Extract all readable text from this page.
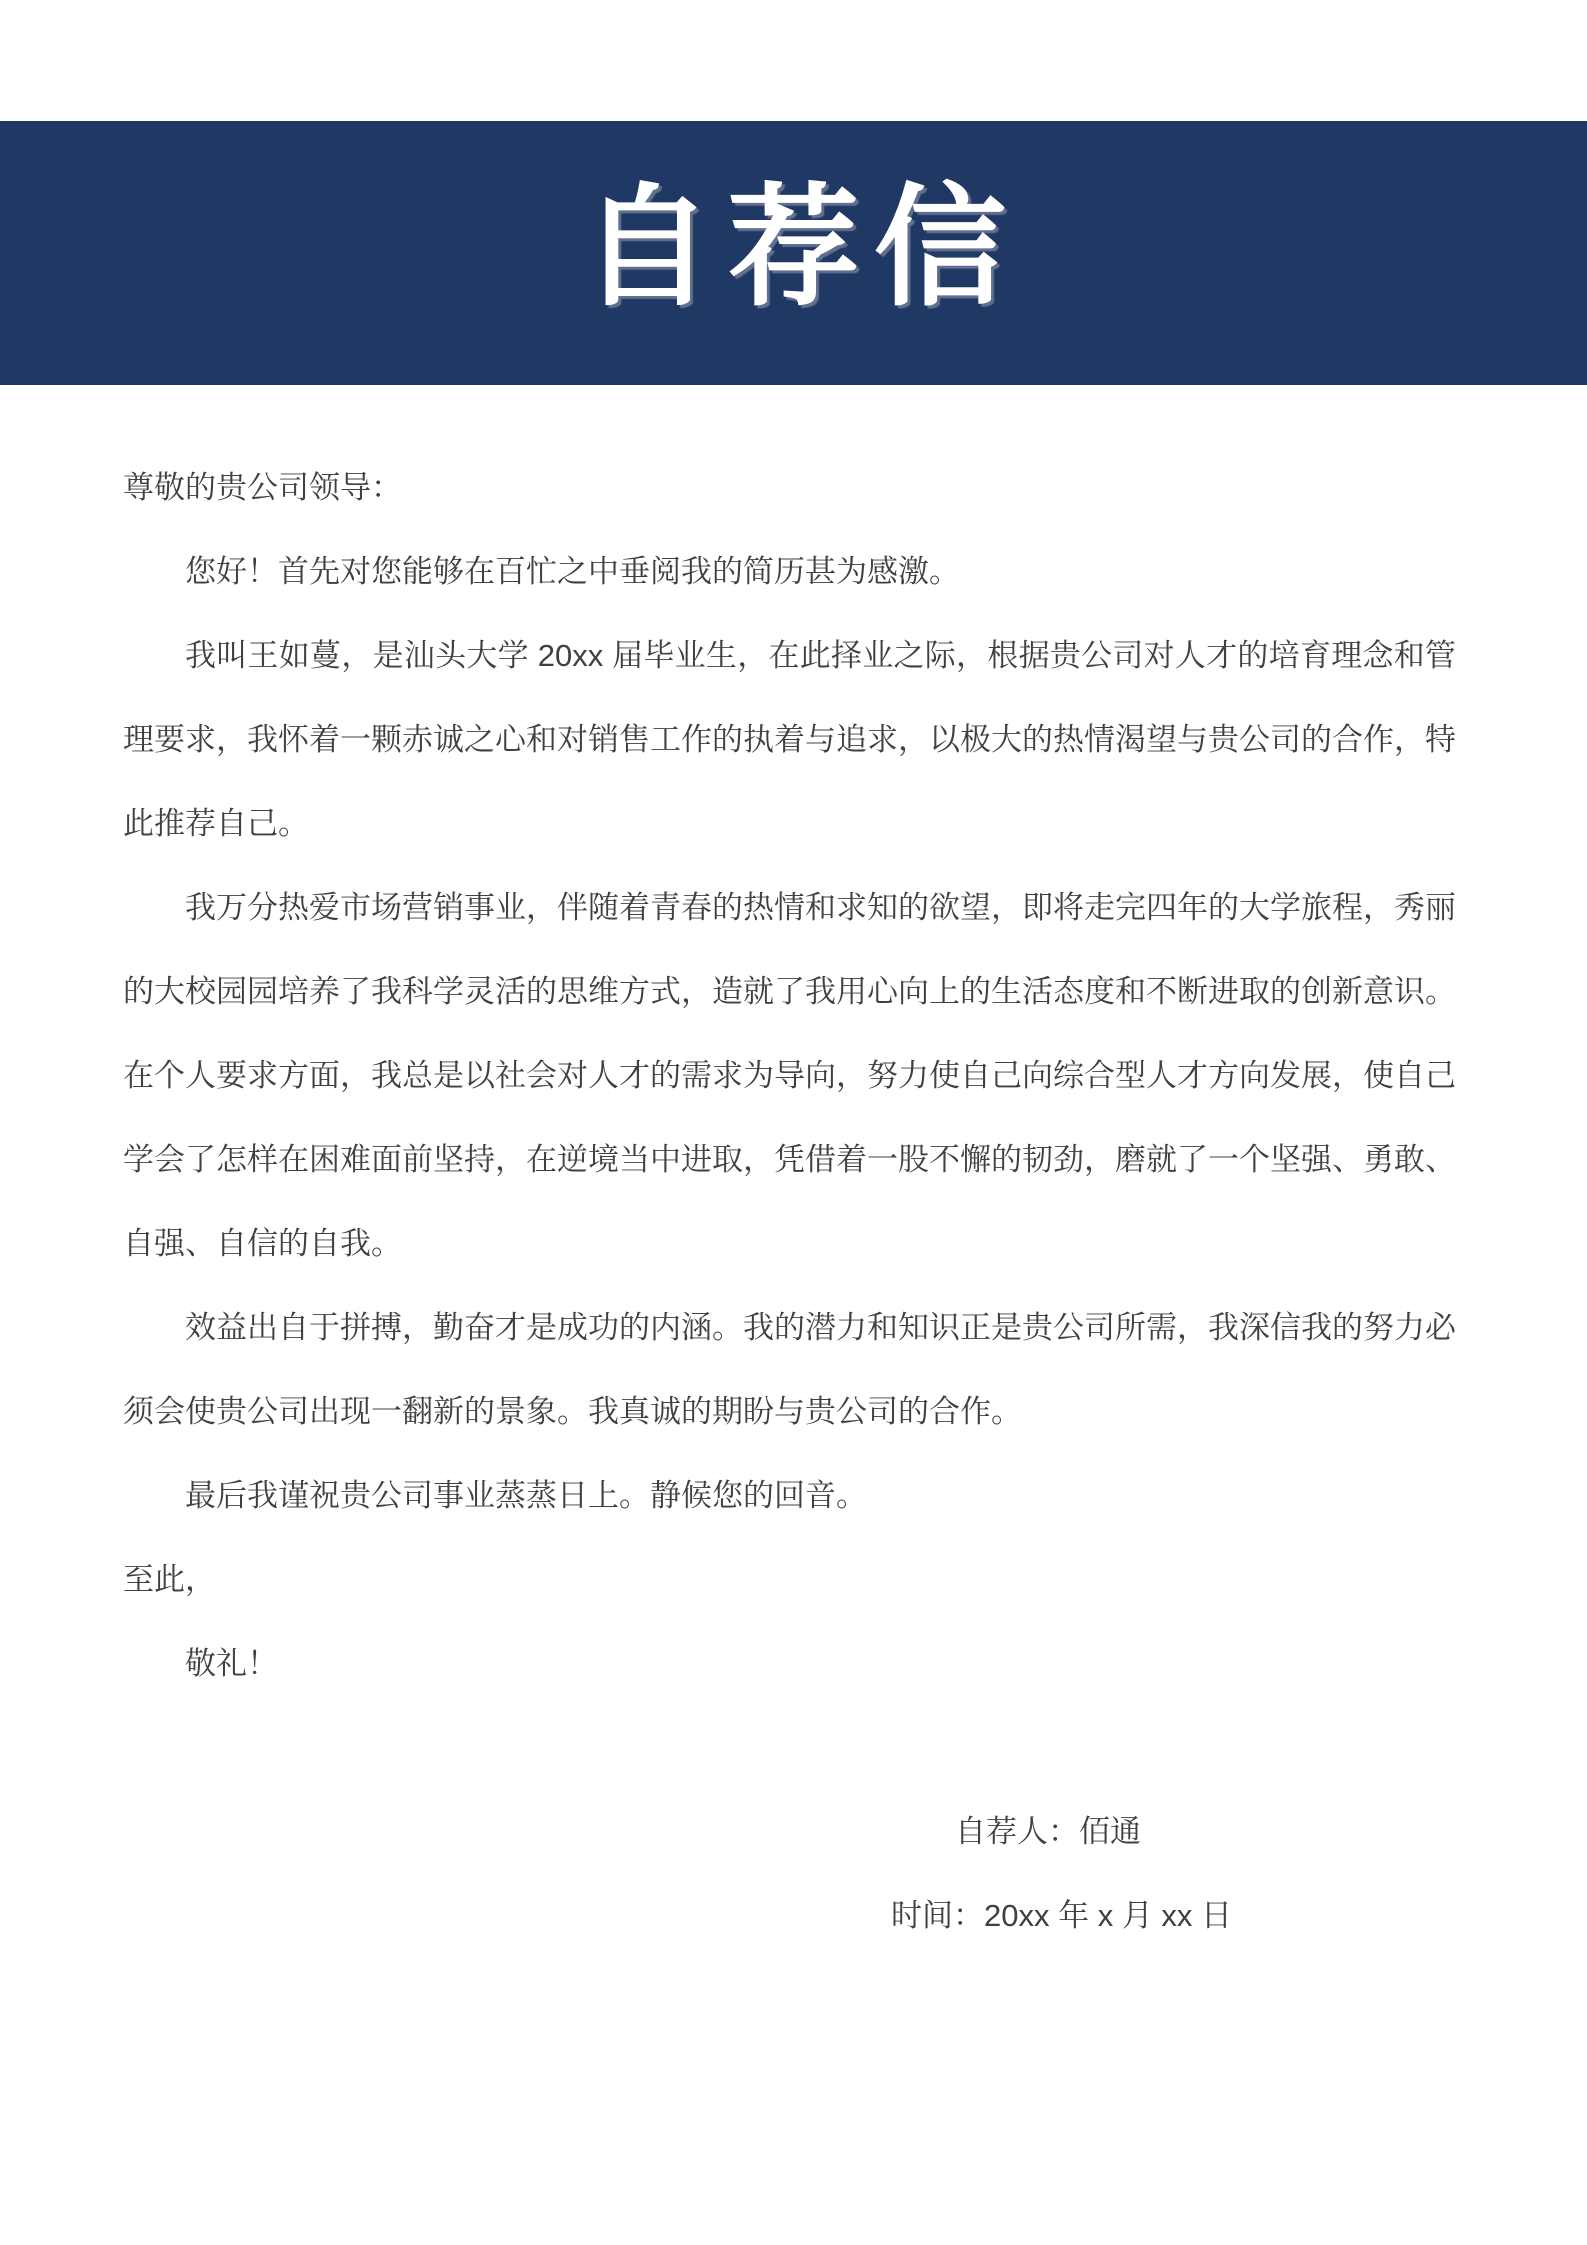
自荐信

尊敬的贵公司领导：

您好！首先对您能够在百忙之中垂阅我的简历甚为感激。

我叫王如蔓，是汕头大学 20xx 届毕业生，在此择业之际，根据贵公司对人才的培育理念和管理要求，我怀着一颗赤诚之心和对销售工作的执着与追求，以极大的热情渴望与贵公司的合作，特此推荐自己。

我万分热爱市场营销事业，伴随着青春的热情和求知的欲望，即将走完四年的大学旅程，秀丽的大校园园培养了我科学灵活的思维方式，造就了我用心向上的生活态度和不断进取的创新意识。在个人要求方面，我总是以社会对人才的需求为导向，努力使自己向综合型人才方向发展，使自己学会了怎样在困难面前坚持，在逆境当中进取，凭借着一股不懈的韧劲，磨就了一个坚强、勇敢、自强、自信的自我。

效益出自于拼搏，勤奋才是成功的内涵。我的潜力和知识正是贵公司所需，我深信我的努力必须会使贵公司出现一翻新的景象。我真诚的期盼与贵公司的合作。

最后我谨祝贵公司事业蒸蒸日上。静候您的回音。

至此，

敬礼！

自荐人：佰通

时间：20xx 年 x 月 xx 日
